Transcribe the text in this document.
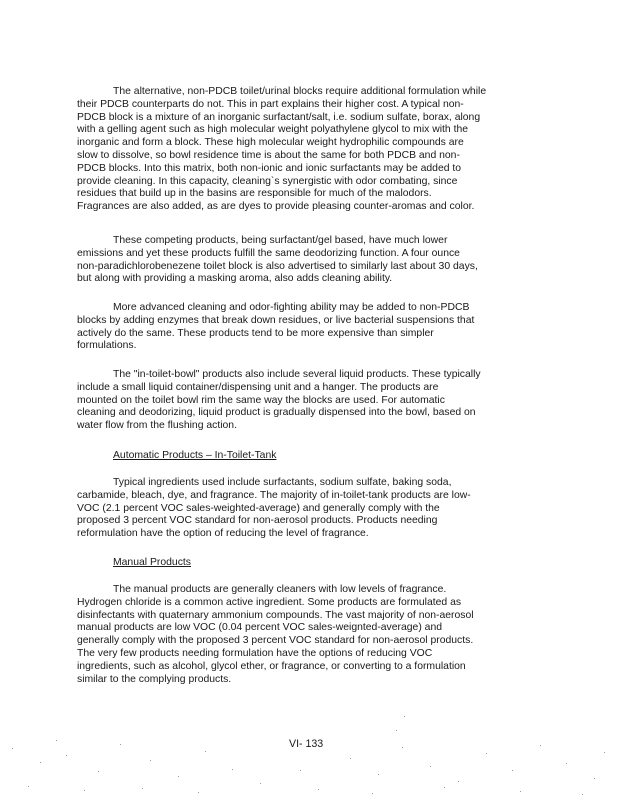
The alternative, non-PDCB toilet/urinal blocks require additional formulation while
their PDCB counterparts do not. This in part explains their higher cost. A typical non-
PDCB block is a mixture of an inorganic surfactant/salt, i.e. sodium sulfate, borax, along
with a gelling agent such as high molecular weight polyathylene glycol to mix with the
inorganic and form a block. These high molecular weight hydrophilic compounds are
slow to dissolve, so bowl residence time is about the same for both PDCB and non-
PDCB blocks. Into this matrix, both non-ionic and ionic surfactants may be added to
provide cleaning. In this capacity, cleaning`s synergistic with odor combating, since
residues that build up in the basins are responsible for much of the malodors.
Fragrances are also added, as are dyes to provide pleasing counter-aromas and color.
These competing products, being surfactant/gel based, have much lower
emissions and yet these products fulfill the same deodorizing function. A four ounce
non-paradichlorobenezene toilet block is also advertised to similarly last about 30 days,
but along with providing a masking aroma, also adds cleaning ability.
More advanced cleaning and odor-fighting ability may be added to non-PDCB
blocks by adding enzymes that break down residues, or live bacterial suspensions that
actively do the same. These products tend to be more expensive than simpler
formulations.
The "in-toilet-bowl" products also include several liquid products. These typically
include a small liquid container/dispensing unit and a hanger. The products are
mounted on the toilet bowl rim the same way the blocks are used. For automatic
cleaning and deodorizing, liquid product is gradually dispensed into the bowl, based on
water flow from the flushing action.
Automatic Products – In-Toilet-Tank
Typical ingredients used include surfactants, sodium sulfate, baking soda,
carbamide, bleach, dye, and fragrance. The majority of in-toilet-tank products are low-
VOC (2.1 percent VOC sales-weighted-average) and generally comply with the
proposed 3 percent VOC standard for non-aerosol products. Products needing
reformulation have the option of reducing the level of fragrance.
Manual Products
The manual products are generally cleaners with low levels of fragrance.
Hydrogen chloride is a common active ingredient. Some products are formulated as
disinfectants with quaternary ammonium compounds. The vast majority of non-aerosol
manual products are low VOC (0.04 percent VOC sales-weignted-average) and
generally comply with the proposed 3 percent VOC standard for non-aerosol products.
The very few products needing formulation have the options of reducing VOC
ingredients, such as alcohol, glycol ether, or fragrance, or converting to a formulation
similar to the complying products.
VI- 133
